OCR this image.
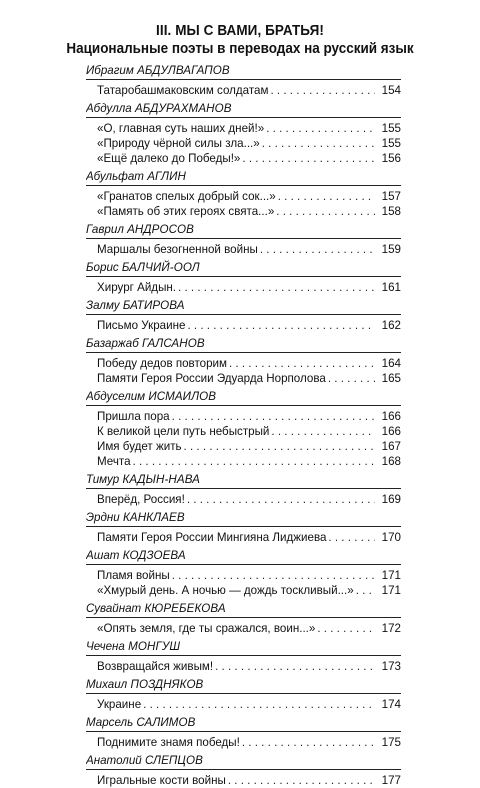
III. МЫ С ВАМИ, БРАТЬЯ!
Национальные поэты в переводах на русский язык
Ибрагим АБДУЛВАГАПОВ
Татаробашмаковским солдатам . . .	154
Абдулла АБДУРАХМАНОВ
«О, главная суть наших дней!» . . .	155
«Природу чёрной силы зла...» . . .	155
«Ещё далеко до Победы!» . . .	156
Абульфат АГЛИН
«Гранатов спелых добрый сок...» . . .	157
«Память об этих героях свята...» . . .	158
Гаврил АНДРОСОВ
Маршалы безогненной войны . . .	159
Борис БАЛЧИЙ-ООЛ
Хирург Айдын. . . .	161
Залму БАТИРОВА
Письмо Украине . . .	162
Базаржаб ГАЛСАНОВ
Победу дедов повторим . . .	164
Памяти Героя России Эдуарда Норполова . . .	165
Абдуселим ИСМАИЛОВ
Пришла пора . . .	166
К великой цели путь небыстрый . . .	166
Имя будет жить . . .	167
Мечта . . .	168
Тимур КАДЫН-НАВА
Вперёд, Россия! . . .	169
Эрдни КАНКЛАЕВ
Памяти Героя России Мингияна Лиджиева . . .	170
Ашат КОДЗОЕВА
Пламя войны . . .	171
«Хмурый день. А ночью — дождь тоскливый...» . . .	171
Сувайнат КЮРЕБЕКОВА
«Опять земля, где ты сражался, воин...» . . .	172
Чечена МОНГУШ
Возвращайся живым! . . .	173
Михаил ПОЗДНЯКОВ
Украине . . .	174
Марсель САЛИМОВ
Поднимите знамя победы! . . .	175
Анатолий СЛЕПЦОВ
Игральные кости войны . . .	177
